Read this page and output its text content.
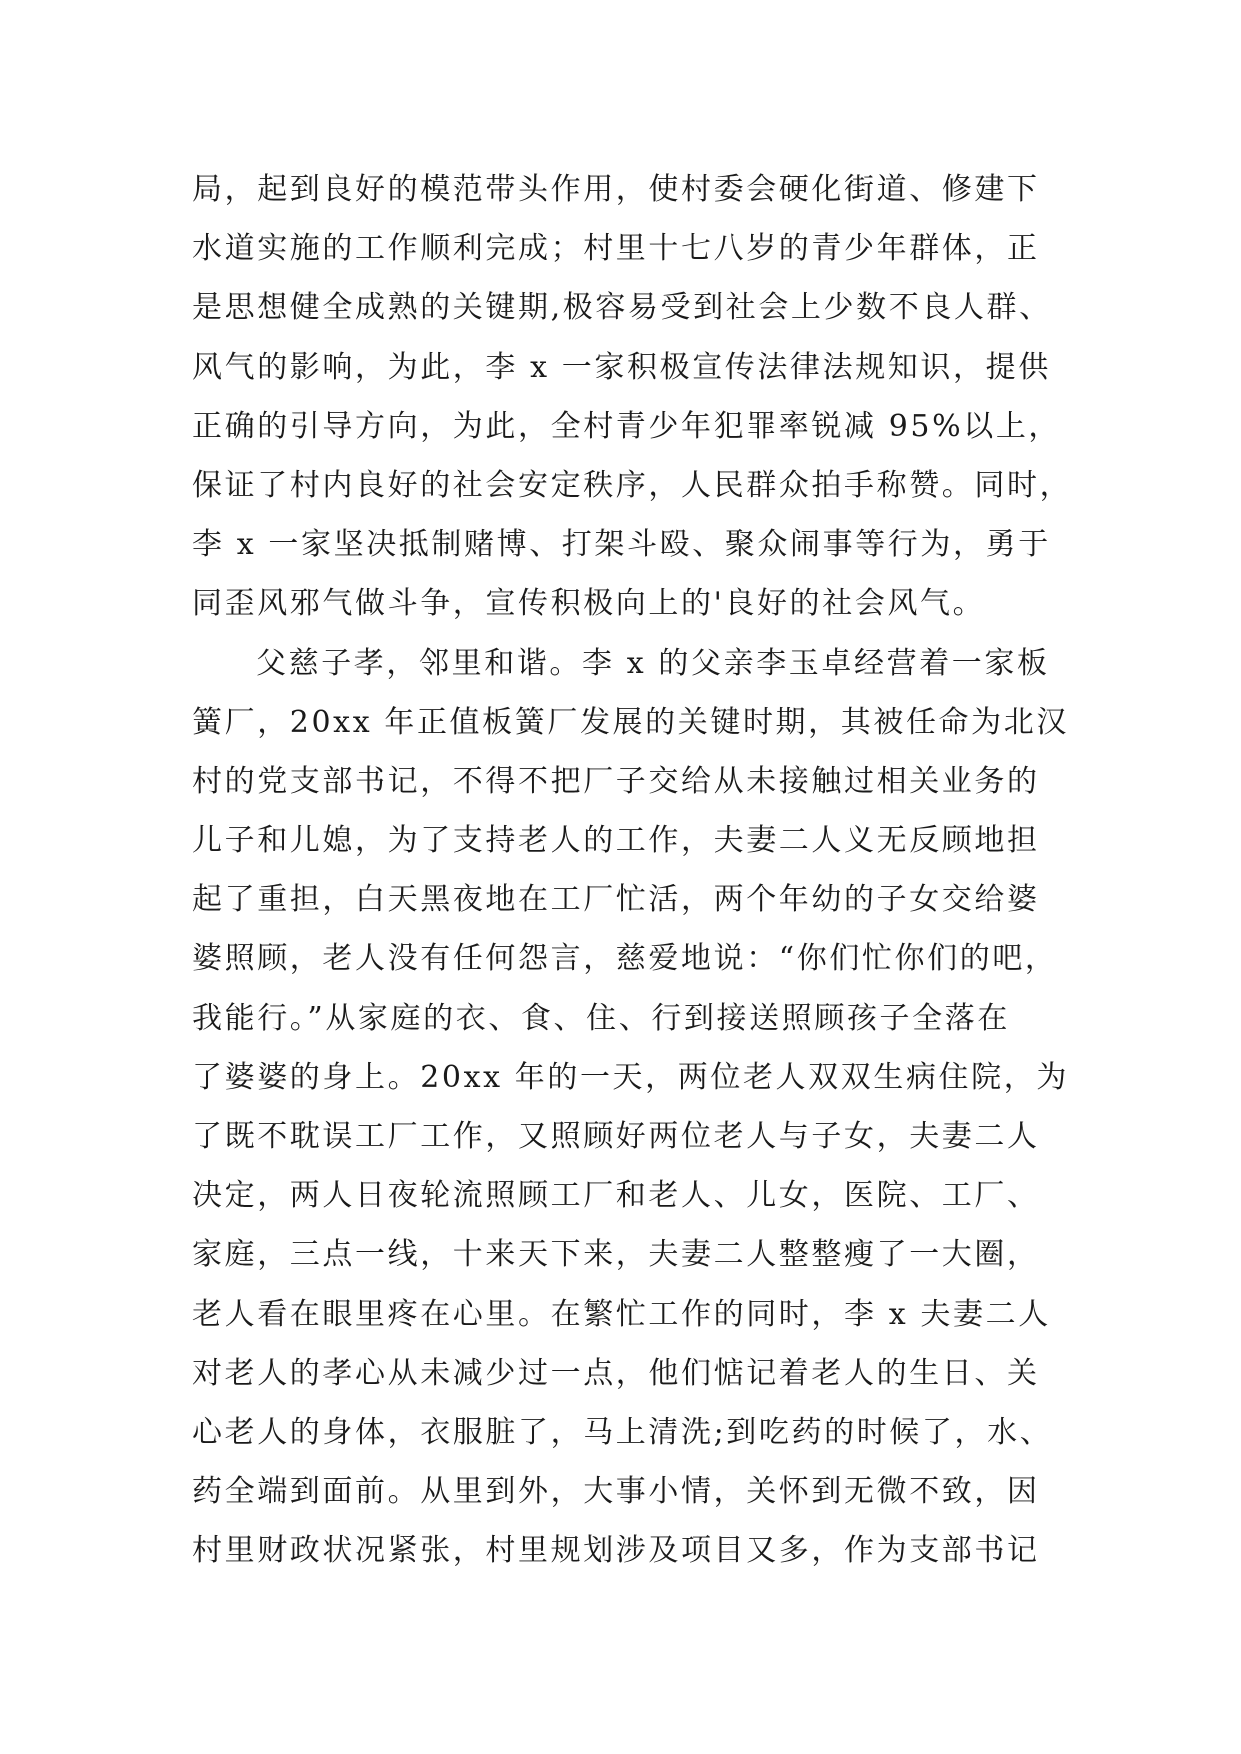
局，起到良好的模范带头作用，使村委会硬化街道、修建下
水道实施的工作顺利完成；村里十七八岁的青少年群体，正
是思想健全成熟的关键期,极容易受到社会上少数不良人群、
风气的影响，为此，李 x 一家积极宣传法律法规知识，提供
正确的引导方向，为此，全村青少年犯罪率锐减 95%以上，
保证了村内良好的社会安定秩序，人民群众拍手称赞。同时，
李 x 一家坚决抵制赌博、打架斗殴、聚众闹事等行为，勇于
同歪风邪气做斗争，宣传积极向上的'良好的社会风气。
父慈子孝，邻里和谐。李 x 的父亲李玉卓经营着一家板
簧厂，20xx 年正值板簧厂发展的关键时期，其被任命为北汉
村的党支部书记，不得不把厂子交给从未接触过相关业务的
儿子和儿媳，为了支持老人的工作，夫妻二人义无反顾地担
起了重担，白天黑夜地在工厂忙活，两个年幼的子女交给婆
婆照顾，老人没有任何怨言，慈爱地说：“你们忙你们的吧，
我能行。”从家庭的衣、食、住、行到接送照顾孩子全落在
了婆婆的身上。20xx 年的一天，两位老人双双生病住院，为
了既不耽误工厂工作，又照顾好两位老人与子女，夫妻二人
决定，两人日夜轮流照顾工厂和老人、儿女，医院、工厂、
家庭，三点一线，十来天下来，夫妻二人整整瘦了一大圈，
老人看在眼里疼在心里。在繁忙工作的同时，李 x 夫妻二人
对老人的孝心从未减少过一点，他们惦记着老人的生日、关
心老人的身体，衣服脏了，马上清洗;到吃药的时候了，水、
药全端到面前。从里到外，大事小情，关怀到无微不致，因
村里财政状况紧张，村里规划涉及项目又多，作为支部书记
